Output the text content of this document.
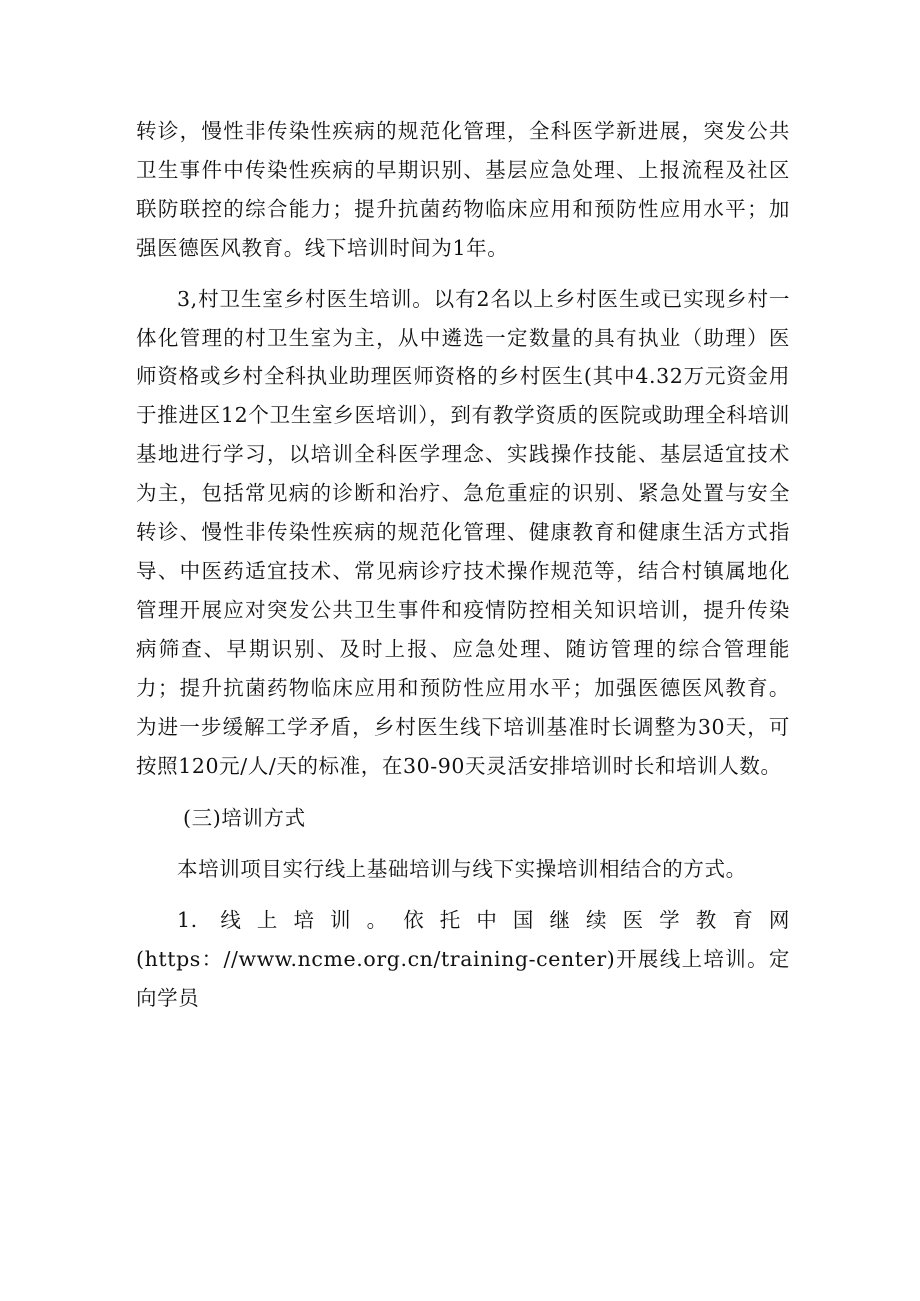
转诊，慢性非传染性疾病的规范化管理，全科医学新进展，突发公共卫生事件中传染性疾病的早期识别、基层应急处理、上报流程及社区联防联控的综合能力；提升抗菌药物临床应用和预防性应用水平；加强医德医风教育。线下培训时间为1年。

3,村卫生室乡村医生培训。以有2名以上乡村医生或已实现乡村一体化管理的村卫生室为主，从中遴选一定数量的具有执业（助理）医师资格或乡村全科执业助理医师资格的乡村医生(其中4.32万元资金用于推进区12个卫生室乡医培训），到有教学资质的医院或助理全科培训基地进行学习，以培训全科医学理念、实践操作技能、基层适宜技术为主，包括常见病的诊断和治疗、急危重症的识别、紧急处置与安全转诊、慢性非传染性疾病的规范化管理、健康教育和健康生活方式指导、中医药适宜技术、常见病诊疗技术操作规范等，结合村镇属地化管理开展应对突发公共卫生事件和疫情防控相关知识培训，提升传染病筛查、早期识别、及时上报、应急处理、随访管理的综合管理能力；提升抗菌药物临床应用和预防性应用水平；加强医德医风教育。为进一步缓解工学矛盾，乡村医生线下培训基准时长调整为30天，可按照120元/人/天的标准，在30-90天灵活安排培训时长和培训人数。

(三)培训方式

本培训项目实行线上基础培训与线下实操培训相结合的方式。

1. 线上培训。依托中国继续医学教育网 (https：//www.ncme.org.cn/training-center)开展线上培训。定向学员
